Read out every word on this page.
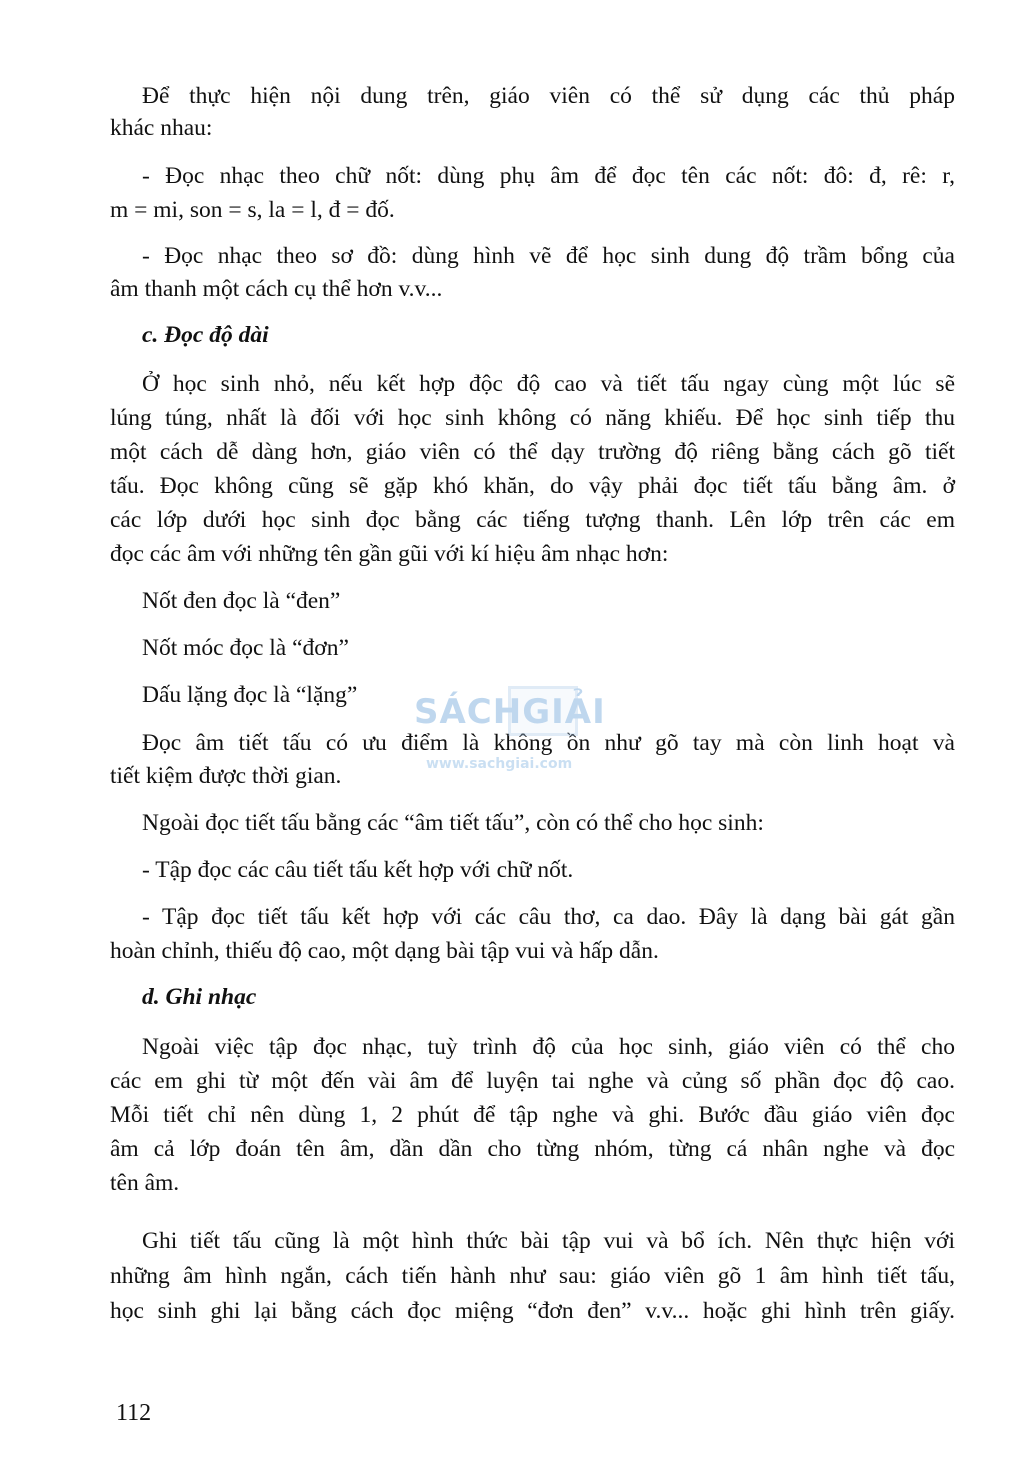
Để thực hiện nội dung trên, giáo viên có thể sử dụng các thủ pháp
khác nhau:
- Đọc nhạc theo chữ nốt: dùng phụ âm để đọc tên các nốt: đô: đ, rê: r,
m = mi, son = s, la = l, đ = đố.
- Đọc nhạc theo sơ đồ: dùng hình vẽ để học sinh dung độ trầm bổng của
âm thanh một cách cụ thể hơn v.v...
c. Đọc độ dài
Ở học sinh nhỏ, nếu kết hợp độc độ cao và tiết tấu ngay cùng một lúc sẽ
lúng túng, nhất là đối với học sinh không có năng khiếu. Để học sinh tiếp thu
một cách dễ dàng hơn, giáo viên có thể dạy trường độ riêng bằng cách gõ tiết
tấu. Đọc không cũng sẽ gặp khó khăn, do vậy phải đọc tiết tấu bằng âm. ở
các lớp dưới học sinh đọc bằng các tiếng tượng thanh. Lên lớp trên các em
đọc các âm với những tên gần gũi với kí hiệu âm nhạc hơn:
Nốt đen đọc là “đen”
Nốt móc đọc là “đơn”
Dấu lặng đọc là “lặng”
Đọc âm tiết tấu có ưu điểm là không ồn như gõ tay mà còn linh hoạt và
tiết kiệm được thời gian.
Ngoài đọc tiết tấu bằng các “âm tiết tấu”, còn có thể cho học sinh:
- Tập đọc các câu tiết tấu kết hợp với chữ nốt.
- Tập đọc tiết tấu kết hợp với các câu thơ, ca dao. Đây là dạng bài gát gần
hoàn chỉnh, thiếu độ cao, một dạng bài tập vui và hấp dẫn.
d. Ghi nhạc
Ngoài việc tập đọc nhạc, tuỳ trình độ của học sinh, giáo viên có thể cho
các em ghi từ một đến vài âm để luyện tai nghe và củng số phần đọc độ cao.
Mỗi tiết chỉ nên dùng 1, 2 phút để tập nghe và ghi. Bước đầu giáo viên đọc
âm cả lớp đoán tên âm, dần dần cho từng nhóm, từng cá nhân nghe và đọc
tên âm.
Ghi tiết tấu cũng là một hình thức bài tập vui và bổ ích. Nên thực hiện với
những âm hình ngắn, cách tiến hành như sau: giáo viên gõ 1 âm hình tiết tấu,
học sinh ghi lại bằng cách đọc miệng “đơn đen” v.v... hoặc ghi hình trên giấy.
SÁCHGIẢI
www.sachgiai.com
112
